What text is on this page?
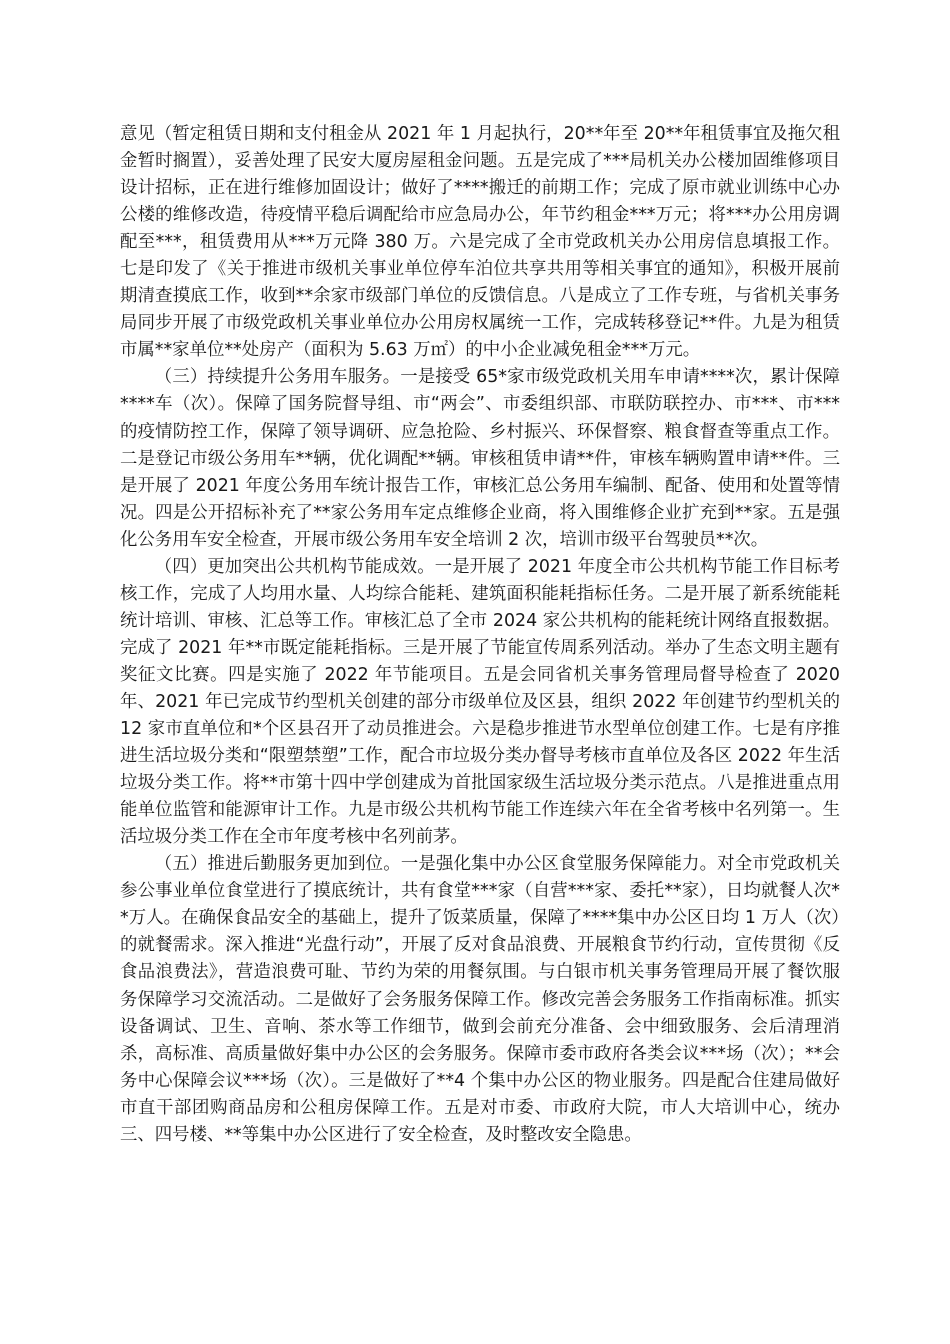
意见（暂定租赁日期和支付租金从 2021 年 1 月起执行，20**年至 20**年租赁事宜及拖欠租金暂时搁置），妥善处理了民安大厦房屋租金问题。五是完成了***局机关办公楼加固维修项目设计招标，正在进行维修加固设计；做好了****搬迁的前期工作；完成了原市就业训练中心办公楼的维修改造，待疫情平稳后调配给市应急局办公，年节约租金***万元；将***办公用房调配至***，租赁费用从***万元降 380 万。六是完成了全市党政机关办公用房信息填报工作。七是印发了《关于推进市级机关事业单位停车泊位共享共用等相关事宜的通知》，积极开展前期清查摸底工作，收到**余家市级部门单位的反馈信息。八是成立了工作专班，与省机关事务局同步开展了市级党政机关事业单位办公用房权属统一工作，完成转移登记**件。九是为租赁市属**家单位**处房产（面积为 5.63 万㎡）的中小企业减免租金***万元。

（三）持续提升公务用车服务。一是接受 65*家市级党政机关用车申请****次，累计保障****车（次）。保障了国务院督导组、市“两会”、市委组织部、市联防联控办、市***、市***的疫情防控工作，保障了领导调研、应急抢险、乡村振兴、环保督察、粮食督查等重点工作。二是登记市级公务用车**辆，优化调配**辆。审核租赁申请**件，审核车辆购置申请**件。三是开展了 2021 年度公务用车统计报告工作，审核汇总公务用车编制、配备、使用和处置等情况。四是公开招标补充了**家公务用车定点维修企业商，将入围维修企业扩充到**家。五是强化公务用车安全检查，开展市级公务用车安全培训 2 次，培训市级平台驾驶员**次。

（四）更加突出公共机构节能成效。一是开展了 2021 年度全市公共机构节能工作目标考核工作，完成了人均用水量、人均综合能耗、建筑面积能耗指标任务。二是开展了新系统能耗统计培训、审核、汇总等工作。审核汇总了全市 2024 家公共机构的能耗统计网络直报数据。完成了 2021 年**市既定能耗指标。三是开展了节能宣传周系列活动。举办了生态文明主题有奖征文比赛。四是实施了 2022 年节能项目。五是会同省机关事务管理局督导检查了 2020 年、2021 年已完成节约型机关创建的部分市级单位及区县，组织 2022 年创建节约型机关的 12 家市直单位和*个区县召开了动员推进会。六是稳步推进节水型单位创建工作。七是有序推进生活垃圾分类和“限塑禁塑”工作，配合市垃圾分类办督导考核市直单位及各区 2022 年生活垃圾分类工作。将**市第十四中学创建成为首批国家级生活垃圾分类示范点。八是推进重点用能单位监管和能源审计工作。九是市级公共机构节能工作连续六年在全省考核中名列第一。生活垃圾分类工作在全市年度考核中名列前茅。

（五）推进后勤服务更加到位。一是强化集中办公区食堂服务保障能力。对全市党政机关参公事业单位食堂进行了摸底统计，共有食堂***家（自营***家、委托**家），日均就餐人次**万人。在确保食品安全的基础上，提升了饭菜质量，保障了****集中办公区日均 1 万人（次）的就餐需求。深入推进“光盘行动”，开展了反对食品浪费、开展粮食节约行动，宣传贯彻《反食品浪费法》，营造浪费可耻、节约为荣的用餐氛围。与白银市机关事务管理局开展了餐饮服务保障学习交流活动。二是做好了会务服务保障工作。修改完善会务服务工作指南标准。抓实设备调试、卫生、音响、茶水等工作细节，做到会前充分准备、会中细致服务、会后清理消杀，高标准、高质量做好集中办公区的会务服务。保障市委市政府各类会议***场（次）；**会务中心保障会议***场（次）。三是做好了**4 个集中办公区的物业服务。四是配合住建局做好市直干部团购商品房和公租房保障工作。五是对市委、市政府大院，市人大培训中心，统办三、四号楼、**等集中办公区进行了安全检查，及时整改安全隐患。
